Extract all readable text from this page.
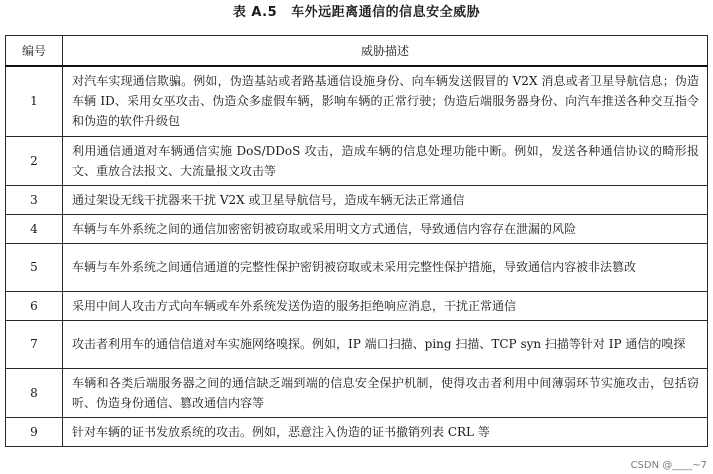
表 A.5 车外远距离通信的信息安全威胁
编号	威胁描述
1	对汽车实现通信欺骗。例如，伪造基站或者路基通信设施身份、向车辆发送假冒的 V2X 消息或者卫星导航信息；伪造车辆 ID、采用女巫攻击、伪造众多虚假车辆，影响车辆的正常行驶；伪造后端服务器身份、向汽车推送各种交互指令和伪造的软件升级包
2	利用通信通道对车辆通信实施 DoS/DDoS 攻击，造成车辆的信息处理功能中断。例如，发送各种通信协议的畸形报文、重放合法报文、大流量报文攻击等
3	通过架设无线干扰器来干扰 V2X 或卫星导航信号，造成车辆无法正常通信
4	车辆与车外系统之间的通信加密密钥被窃取或采用明文方式通信，导致通信内容存在泄漏的风险
5	车辆与车外系统之间通信通道的完整性保护密钥被窃取或未采用完整性保护措施，导致通信内容被非法篡改
6	采用中间人攻击方式向车辆或车外系统发送伪造的服务拒绝响应消息，干扰正常通信
7	攻击者利用车的通信信道对车实施网络嗅探。例如，IP 端口扫描、ping 扫描、TCP syn 扫描等针对 IP 通信的嗅探
8	车辆和各类后端服务器之间的通信缺乏端到端的信息安全保护机制，使得攻击者利用中间薄弱环节实施攻击，包括窃听、伪造身份通信、篡改通信内容等
9	针对车辆的证书发放系统的攻击。例如，恶意注入伪造的证书撤销列表 CRL 等
CSDN @____~7
